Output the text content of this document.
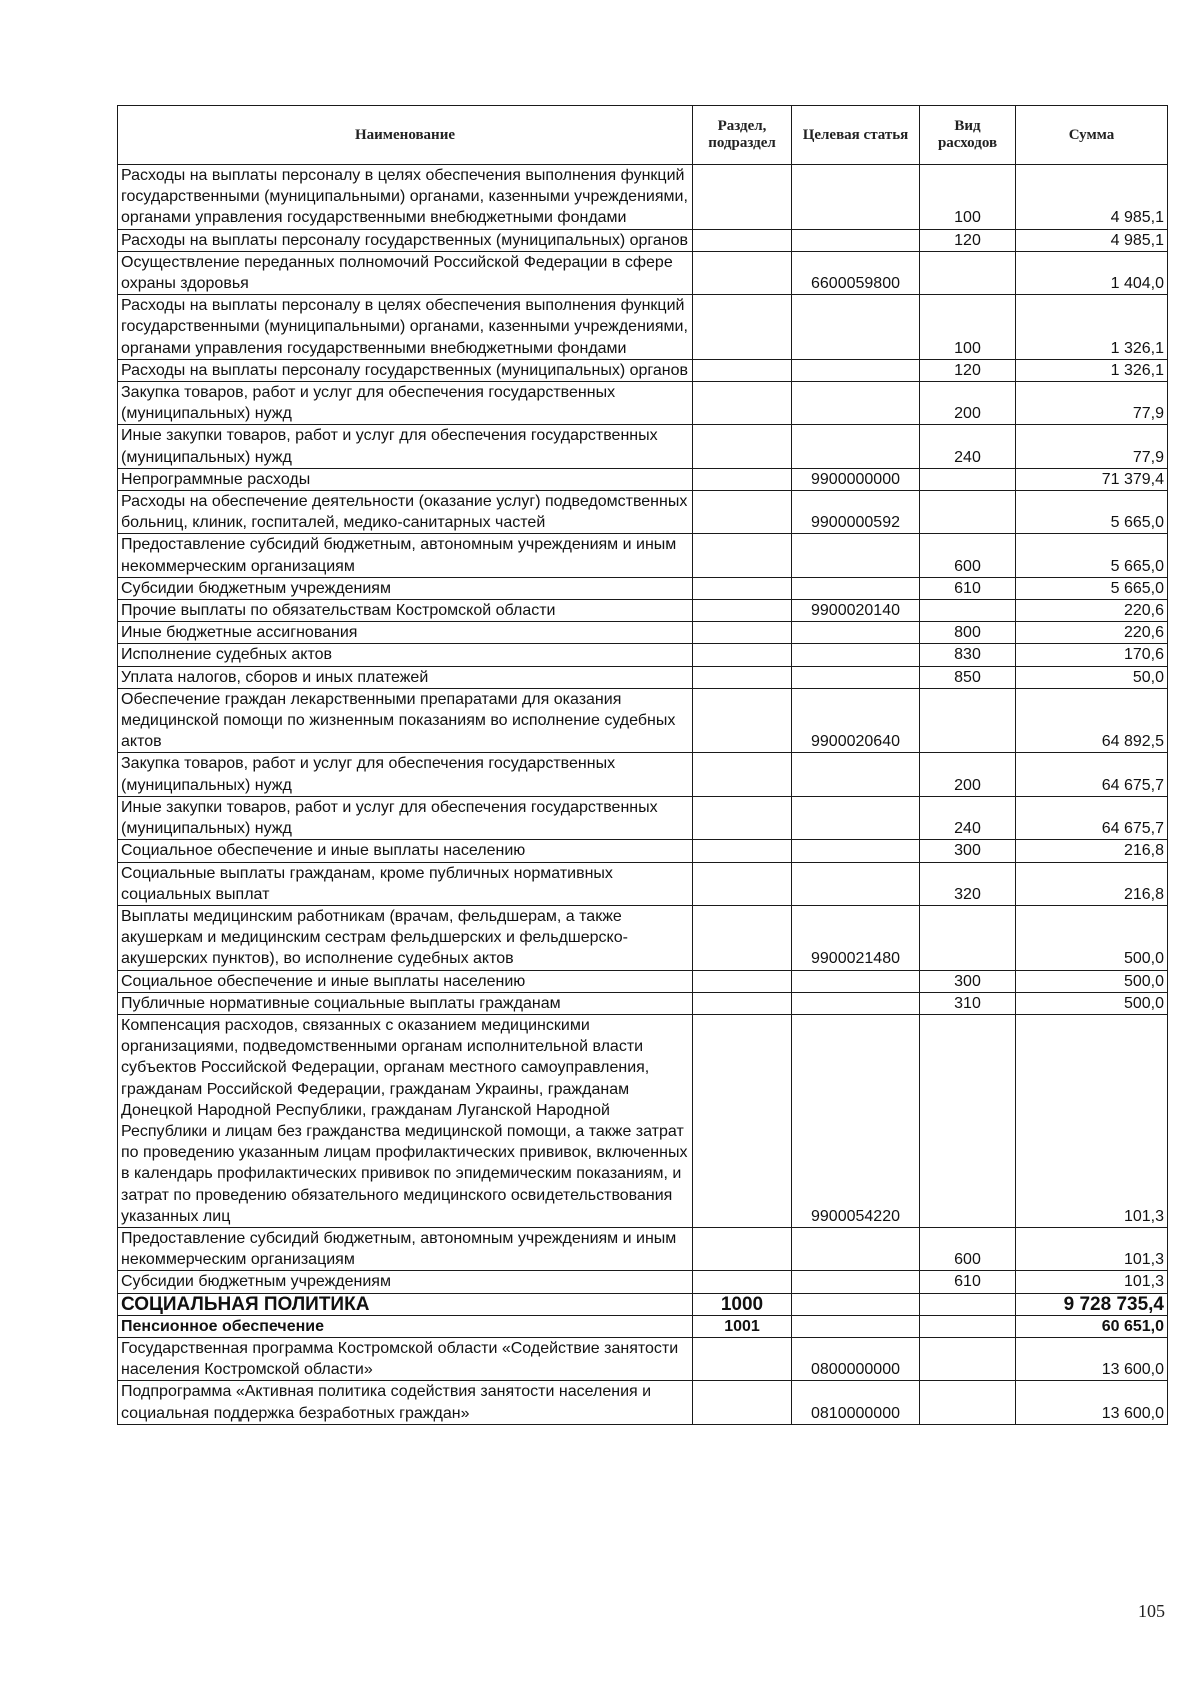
Наименование	Раздел, подраздел	Целевая статья	Вид расходов	Сумма
Расходы на выплаты персоналу в целях обеспечения выполнения функций государственными (муниципальными) органами, казенными учреждениями, органами управления государственными внебюджетными фондами			100	4 985,1
Расходы на выплаты персоналу государственных (муниципальных) органов			120	4 985,1
Осуществление переданных полномочий Российской Федерации в сфере охраны здоровья		6600059800		1 404,0
Расходы на выплаты персоналу в целях обеспечения выполнения функций государственными (муниципальными) органами, казенными учреждениями, органами управления государственными внебюджетными фондами			100	1 326,1
Расходы на выплаты персоналу государственных (муниципальных) органов			120	1 326,1
Закупка товаров, работ и услуг для обеспечения государственных (муниципальных) нужд			200	77,9
Иные закупки товаров, работ и услуг для обеспечения государственных (муниципальных) нужд			240	77,9
Непрограммные расходы		9900000000		71 379,4
Расходы на обеспечение деятельности (оказание услуг) подведомственных больниц, клиник, госпиталей, медико-санитарных частей		9900000592		5 665,0
Предоставление субсидий бюджетным, автономным учреждениям и иным некоммерческим организациям			600	5 665,0
Субсидии бюджетным учреждениям			610	5 665,0
Прочие выплаты по обязательствам Костромской области		9900020140		220,6
Иные бюджетные ассигнования			800	220,6
Исполнение судебных актов			830	170,6
Уплата налогов, сборов и иных платежей			850	50,0
Обеспечение граждан лекарственными препаратами для оказания медицинской помощи по жизненным показаниям во исполнение судебных актов		9900020640		64 892,5
Закупка товаров, работ и услуг для обеспечения государственных (муниципальных) нужд			200	64 675,7
Иные закупки товаров, работ и услуг для обеспечения государственных (муниципальных) нужд			240	64 675,7
Социальное обеспечение и иные выплаты населению			300	216,8
Социальные выплаты гражданам, кроме публичных нормативных социальных выплат			320	216,8
Выплаты медицинским работникам (врачам, фельдшерам, а также акушеркам и медицинским сестрам фельдшерских и фельдшерско-акушерских пунктов), во исполнение судебных актов		9900021480		500,0
Социальное обеспечение и иные выплаты населению			300	500,0
Публичные нормативные социальные выплаты гражданам			310	500,0
Компенсация расходов, связанных с оказанием медицинскими организациями, подведомственными органам исполнительной власти субъектов Российской Федерации, органам местного самоуправления, гражданам Российской Федерации, гражданам Украины, гражданам Донецкой Народной Республики, гражданам Луганской Народной Республики и лицам без гражданства медицинской помощи, а также затрат по проведению указанным лицам профилактических прививок, включенных в календарь профилактических прививок по эпидемическим показаниям, и затрат по проведению обязательного медицинского освидетельствования указанных лиц		9900054220		101,3
Предоставление субсидий бюджетным, автономным учреждениям и иным некоммерческим организациям			600	101,3
Субсидии бюджетным учреждениям			610	101,3
СОЦИАЛЬНАЯ ПОЛИТИКА	1000			9 728 735,4
Пенсионное обеспечение	1001			60 651,0
Государственная программа Костромской области «Содействие занятости населения Костромской области»		0800000000		13 600,0
Подпрограмма «Активная политика содействия занятости населения и социальная поддержка безработных граждан»		0810000000		13 600,0
105
